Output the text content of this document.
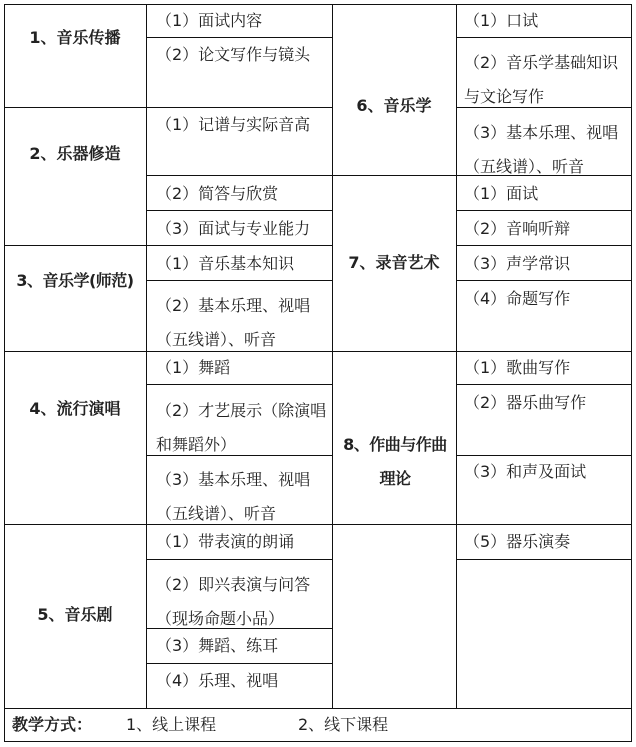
1、音乐传播
2、乐器修造
3、音乐学(师范)
4、流行演唱
5、音乐剧
（1）面试内容
（2）论文写作与镜头
（1）记谱与实际音高
（2）简答与欣赏
（3）面试与专业能力
（1）音乐基本知识
（2）基本乐理、视唱（五线谱）、听音
（1）舞蹈
（2）才艺展示（除演唱和舞蹈外）
（3）基本乐理、视唱（五线谱）、听音
（1）带表演的朗诵
（2）即兴表演与问答（现场命题小品）
（3）舞蹈、练耳
（4）乐理、视唱
6、音乐学
7、录音艺术
8、作曲与作曲理论
（1）口试
（2）音乐学基础知识与文论写作
（3）基本乐理、视唱（五线谱）、听音
（1）面试
（2）音响听辩
（3）声学常识
（4）命题写作
（1）歌曲写作
（2）器乐曲写作
（3）和声及面试
（5）器乐演奏
教学方式： 1、线上课程	2、线下课程
